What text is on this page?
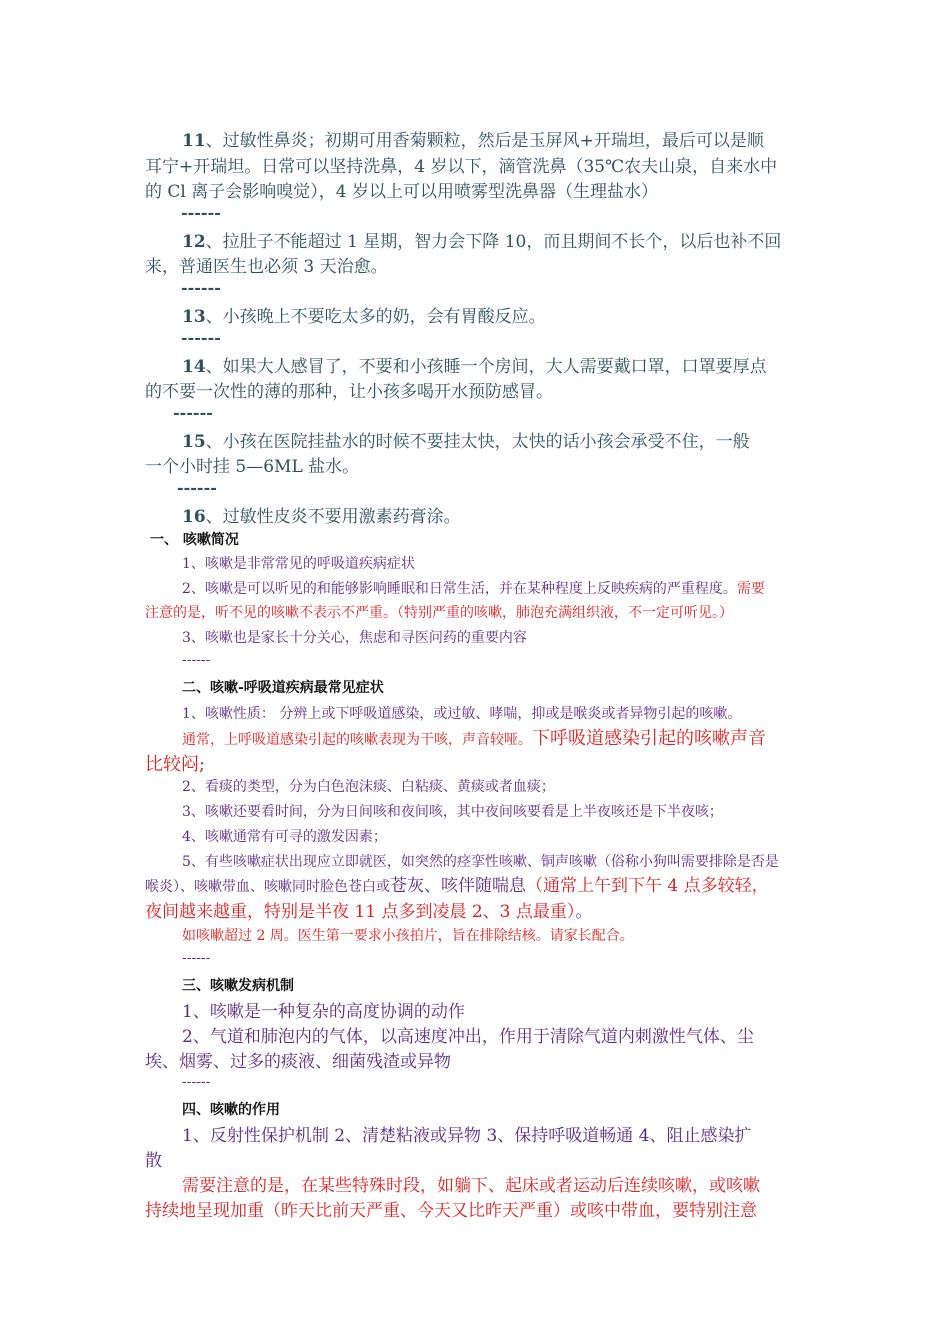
11、过敏性鼻炎；初期可用香菊颗粒，然后是玉屏风+开瑞坦，最后可以是顺
耳宁+开瑞坦。日常可以坚持洗鼻，4 岁以下，滴管洗鼻（35℃农夫山泉，自来水中
的 Cl 离子会影响嗅觉），4 岁以上可以用喷雾型洗鼻器（生理盐水）
------
12、拉肚子不能超过 1 星期，智力会下降 10，而且期间不长个，以后也补不回
来，普通医生也必须 3 天治愈。
------
13、小孩晚上不要吃太多的奶，会有胃酸反应。
------
14、如果大人感冒了，不要和小孩睡一个房间，大人需要戴口罩，口罩要厚点
的不要一次性的薄的那种，让小孩多喝开水预防感冒。
------
15、小孩在医院挂盐水的时候不要挂太快，太快的话小孩会承受不住，一般
一个小时挂 5—6ML 盐水。
------
16、过敏性皮炎不要用激素药膏涂。
一、 咳嗽简况
1、咳嗽是非常常见的呼吸道疾病症状
2、咳嗽是可以听见的和能够影响睡眠和日常生活，并在某种程度上反映疾病的严重程度。需要
注意的是，听不见的咳嗽不表示不严重。（特别严重的咳嗽，肺泡充满组织液，不一定可听见。）
3、咳嗽也是家长十分关心，焦虑和寻医问药的重要内容
------
二、咳嗽-呼吸道疾病最常见症状
1、咳嗽性质： 分辨上或下呼吸道感染，或过敏、哮喘，抑或是喉炎或者异物引起的咳嗽。
通常，上呼吸道感染引起的咳嗽表现为干咳，声音较哑。下呼吸道感染引起的咳嗽声音
比较闷;
2、看痰的类型，分为白色泡沫痰、白粘痰、黄痰或者血痰；
3、咳嗽还要看时间，分为日间咳和夜间咳，其中夜间咳要看是上半夜咳还是下半夜咳；
4、咳嗽通常有可寻的激发因素；
5、有些咳嗽症状出现应立即就医，如突然的痉挛性咳嗽、铜声咳嗽（俗称小狗叫需要排除是否是
喉炎）、咳嗽带血、咳嗽同时脸色苍白或苍灰、咳伴随喘息（通常上午到下午 4 点多较轻，
夜间越来越重，特别是半夜 11 点多到凌晨 2、3 点最重）。
如咳嗽超过 2 周。医生第一要求小孩拍片，旨在排除结核。请家长配合。
------
三、咳嗽发病机制
1、咳嗽是一种复杂的高度协调的动作
2、气道和肺泡内的气体，以高速度冲出，作用于清除气道内刺激性气体、尘
埃、烟雾、过多的痰液、细菌残渣或异物
------
四、咳嗽的作用
1、反射性保护机制 2、清楚粘液或异物 3、保持呼吸道畅通 4、阻止感染扩
散
需要注意的是，在某些特殊时段，如躺下、起床或者运动后连续咳嗽，或咳嗽
持续地呈现加重（昨天比前天严重、今天又比昨天严重）或咳中带血，要特别注意
